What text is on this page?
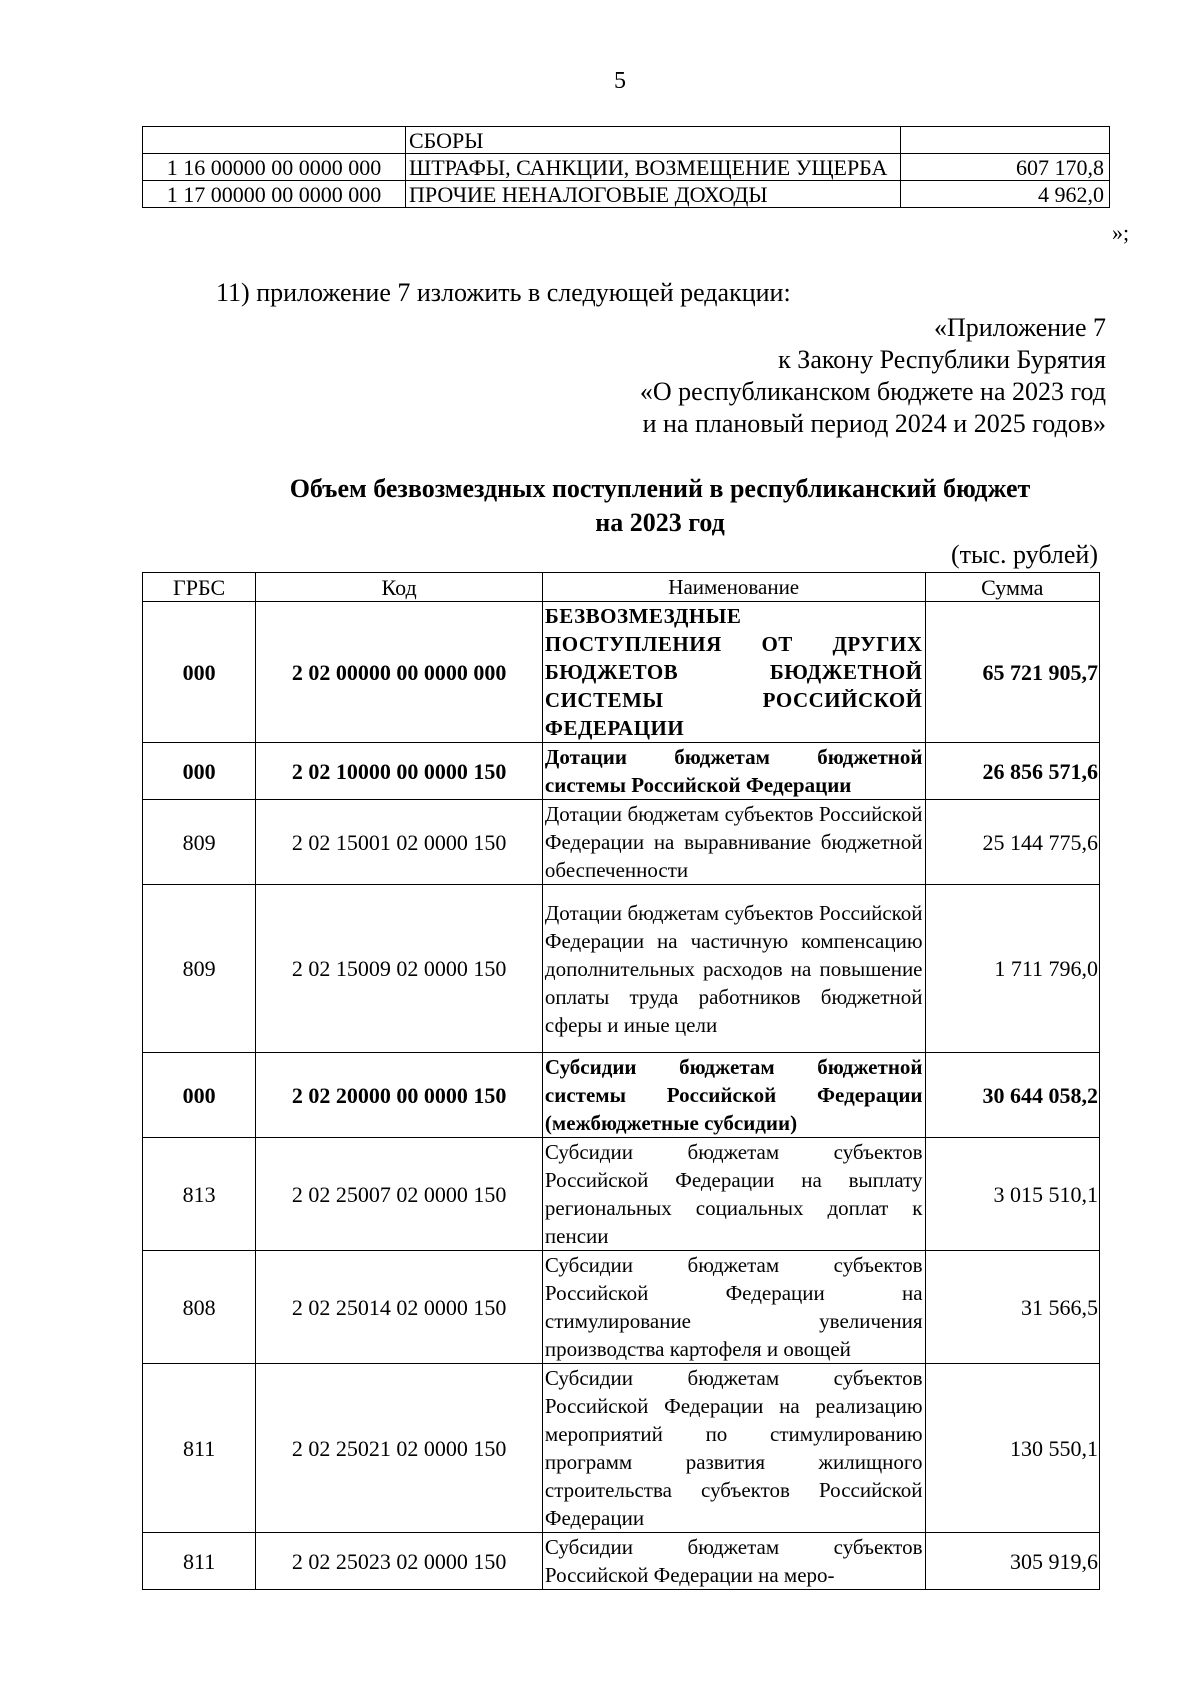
5
	СБОРЫ	
1 16 00000 00 0000 000	ШТРАФЫ, САНКЦИИ, ВОЗМЕЩЕНИЕ УЩЕРБА	607 170,8
1 17 00000 00 0000 000	ПРОЧИЕ НЕНАЛОГОВЫЕ ДОХОДЫ	4 962,0
»;
11) приложение 7 изложить в следующей редакции:
«Приложение 7
к Закону Республики Бурятия
«О республиканском бюджете на 2023 год
и на плановый период 2024 и 2025 годов»
Объем безвозмездных поступлений в республиканский бюджет
на 2023 год
(тыс. рублей)
ГРБС	Код	Наименование	Сумма
000	2 02 00000 00 0000 000	БЕЗВОЗМЕЗДНЫЕ ПОСТУПЛЕНИЯ ОТ ДРУГИХ БЮДЖЕТОВ БЮДЖЕТНОЙ СИСТЕМЫ РОССИЙСКОЙ ФЕДЕРАЦИИ	65 721 905,7
000	2 02 10000 00 0000 150	Дотации бюджетам бюджетной системы Российской Федерации	26 856 571,6
809	2 02 15001 02 0000 150	Дотации бюджетам субъектов Российской Федерации на выравнивание бюджетной обеспеченности	25 144 775,6
809	2 02 15009 02 0000 150	Дотации бюджетам субъектов Российской Федерации на частичную компенсацию дополнительных расходов на повышение оплаты труда работников бюджетной сферы и иные цели	1 711 796,0
000	2 02 20000 00 0000 150	Субсидии бюджетам бюджетной системы Российской Федерации (межбюджетные субсидии)	30 644 058,2
813	2 02 25007 02 0000 150	Субсидии бюджетам субъектов Российской Федерации на выплату региональных социальных доплат к пенсии	3 015 510,1
808	2 02 25014 02 0000 150	Субсидии бюджетам субъектов Российской Федерации на стимулирование увеличения производства картофеля и овощей	31 566,5
811	2 02 25021 02 0000 150	Субсидии бюджетам субъектов Российской Федерации на реализацию мероприятий по стимулированию программ развития жилищного строительства субъектов Российской Федерации	130 550,1
811	2 02 25023 02 0000 150	Субсидии бюджетам субъектов Российской Федерации на меро-	305 919,6
